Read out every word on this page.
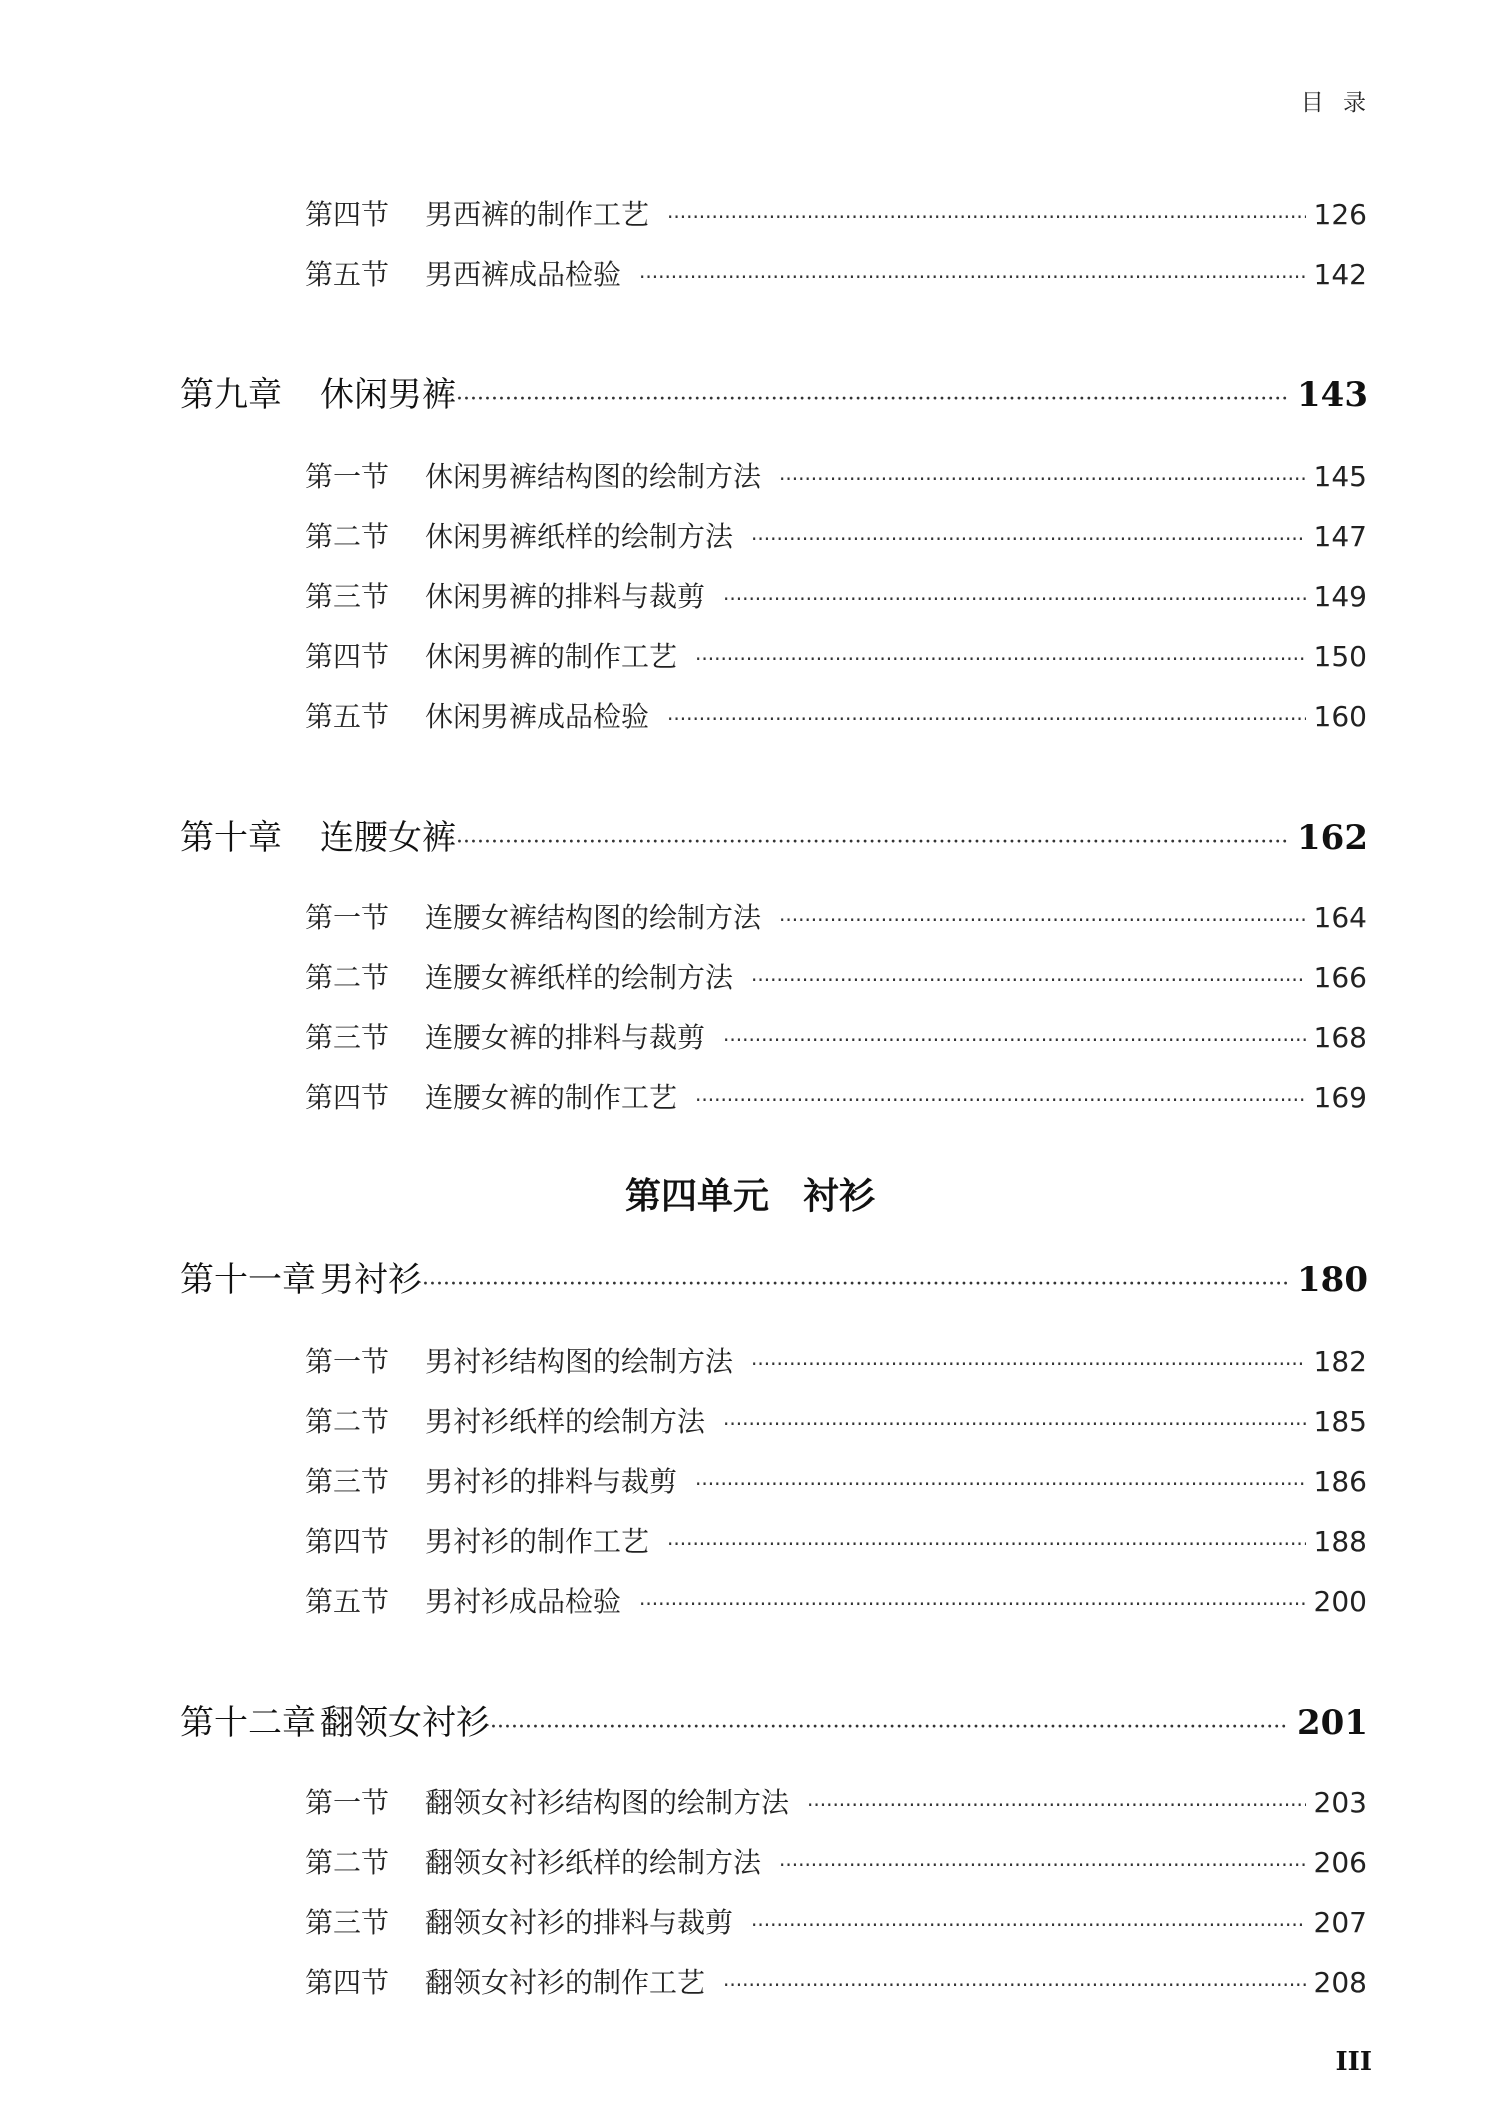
目 录
第四节	男西裤的制作工艺 ·····	126
第五节	男西裤成品检验 ·····	142
第九章	休闲男裤 ·····	143
第一节	休闲男裤结构图的绘制方法 ·····	145
第二节	休闲男裤纸样的绘制方法 ·····	147
第三节	休闲男裤的排料与裁剪 ·····	149
第四节	休闲男裤的制作工艺 ·····	150
第五节	休闲男裤成品检验 ·····	160
第十章	连腰女裤 ·····	162
第一节	连腰女裤结构图的绘制方法 ·····	164
第二节	连腰女裤纸样的绘制方法 ·····	166
第三节	连腰女裤的排料与裁剪 ·····	168
第四节	连腰女裤的制作工艺 ·····	169
第四单元 衬衫
第十一章 男衬衫 ·····	180
第一节	男衬衫结构图的绘制方法 ·····	182
第二节	男衬衫纸样的绘制方法 ·····	185
第三节	男衬衫的排料与裁剪 ·····	186
第四节	男衬衫的制作工艺 ·····	188
第五节	男衬衫成品检验 ·····	200
第十二章 翻领女衬衫 ·····	201
第一节	翻领女衬衫结构图的绘制方法 ·····	203
第二节	翻领女衬衫纸样的绘制方法 ·····	206
第三节	翻领女衬衫的排料与裁剪 ·····	207
第四节	翻领女衬衫的制作工艺 ·····	208
III
